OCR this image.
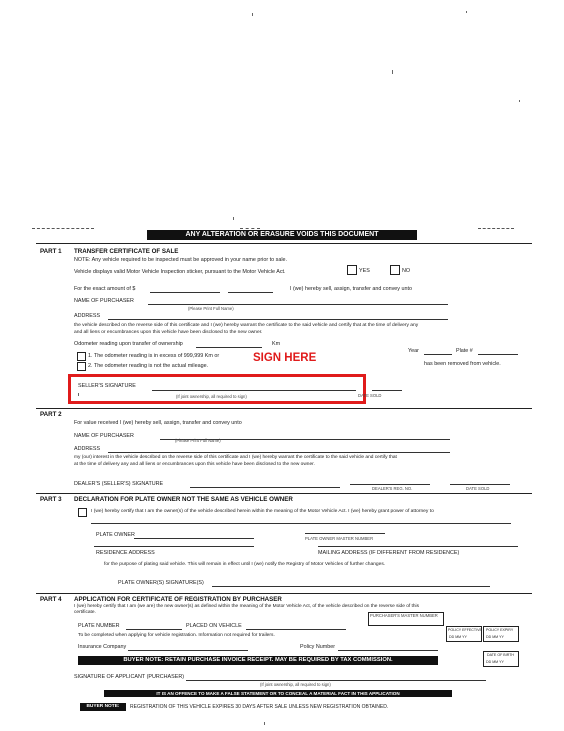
ANY ALTERATION OR ERASURE VOIDS THIS DOCUMENT
PART 1 TRANSFER CERTIFICATE OF SALE
NOTE: Any vehicle required to be inspected must be approved in your name prior to sale.
Vehicle displays valid Motor Vehicle Inspection sticker, pursuant to the Motor Vehicle Act.	YES	NO
For the exact amount of $	I (we) hereby sell, assign, transfer and convey unto
NAME OF PURCHASER
(Please Print Full Name)
ADDRESS
the vehicle described on the reverse side of this certificate and I (we) hereby warrant the certificate to the said vehicle and certify that at the time of delivery any
and all liens or encumbrances upon this vehicle have been disclosed to the new owner.
Odometer reading upon transfer of ownership	Km
1. The odometer reading is in excess of 999,999 Km or
2. The odometer reading is not the actual mileage.
Year	Plate #
has been removed from vehicle.
SIGN HERE
SELLER'S SIGNATURE
(If joint ownership, all required to sign)	DATE SOLD
PART 2
For value received I (we) hereby sell, assign, transfer and convey unto
NAME OF PURCHASER
(Please Print Full Name)
ADDRESS
my (our) interest in the vehicle described on the reverse side of this certificate and I (we) hereby warrant the certificate to the said vehicle and certify that
at the time of delivery any and all liens or encumbrances upon this vehicle have been disclosed to the new owner.
DEALER'S (SELLER'S) SIGNATURE
DEALER'S REG. NO.	DATE SOLD
PART 3 DECLARATION FOR PLATE OWNER NOT THE SAME AS VEHICLE OWNER
I (we) hereby certify that I am the owner(s) of the vehicle described herein within the meaning of the Motor Vehicle Act. I (we) hereby grant power of attorney to
PLATE OWNER
PLATE OWNER MASTER NUMBER
RESIDENCE ADDRESS	MAILING ADDRESS (IF DIFFERENT FROM RESIDENCE)
for the purpose of plating said vehicle. This will remain in effect until I (we) notify the Registry of Motor Vehicles of further changes.
PLATE OWNER(S) SIGNATURE(S)
PART 4 APPLICATION FOR CERTIFICATE OF REGISTRATION BY PURCHASER
I (we) hereby certify that I am (we are) the new owner(s) as defined within the meaning of the Motor Vehicle Act, of the vehicle described on the reverse side of this
certificate.
PURCHASER'S MASTER NUMBER
PLATE NUMBER	PLACED ON VEHICLE
To be completed when applying for vehicle registration. Information not required for trailers.
Insurance Company	Policy Number
POLICY EFFECTIVE
DD MM YY
POLICY EXPIRY
DD MM YY
DATE OF BIRTH
DD MM YY
BUYER NOTE: RETAIN PURCHASE INVOICE RECEIPT. MAY BE REQUIRED BY TAX COMMISSION.
SIGNATURE OF APPLICANT (PURCHASER)
(If joint ownership, all required to sign)
IT IS AN OFFENCE TO MAKE A FALSE STATEMENT OR TO CONCEAL A MATERIAL FACT IN THIS APPLICATION
BUYER NOTE:	REGISTRATION OF THIS VEHICLE EXPIRES 30 DAYS AFTER SALE UNLESS NEW REGISTRATION OBTAINED.
